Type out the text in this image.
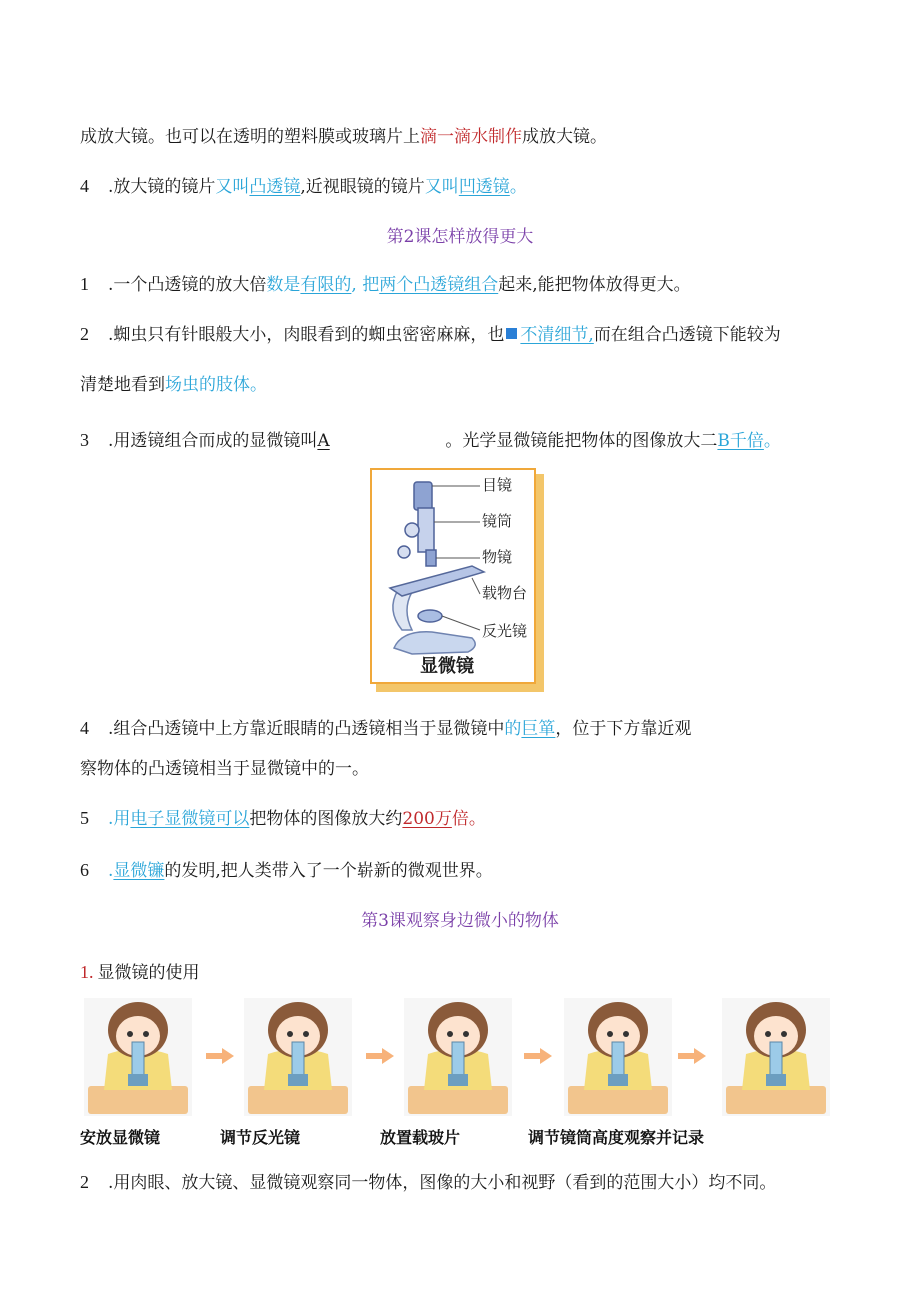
成放大镜。也可以在透明的塑料膜或玻璃片上滴一滴水制作成放大镜。
4 .放大镜的镜片又叫凸透镜,近视眼镜的镜片又叫凹透镜。
第2课怎样放得更大
1 .一个凸透镜的放大倍数是有限的, 把两个凸透镜组合起来,能把物体放得更大。
2 .蜘虫只有针眼般大小，肉眼看到的蜘虫密密麻麻，也 不清细节,而在组合凸透镜下能较为
清楚地看到场虫的肢体。
3 .用透镜组合而成的显微镜叫A	。光学显微镜能把物体的图像放大二B千倍。
目镜
镜筒
物镜
载物台
反光镜
显微镜
4 .组合凸透镜中上方靠近眼睛的凸透镜相当于显微镜中的巨箪，位于下方靠近观
察物体的凸透镜相当于显微镜中的一。
5 .用电子显微镜可以把物体的图像放大约200万倍。
6 .显微镰的发明,把人类带入了一个崭新的微观世界。
第3课观察身边微小的物体
1. 显微镜的使用
安放显微镜	调节反光镜	放置载玻片	调节镜筒高度观察并记录
2 .用肉眼、放大镜、显微镜观察同一物体，图像的大小和视野（看到的范围大小）均不同。
